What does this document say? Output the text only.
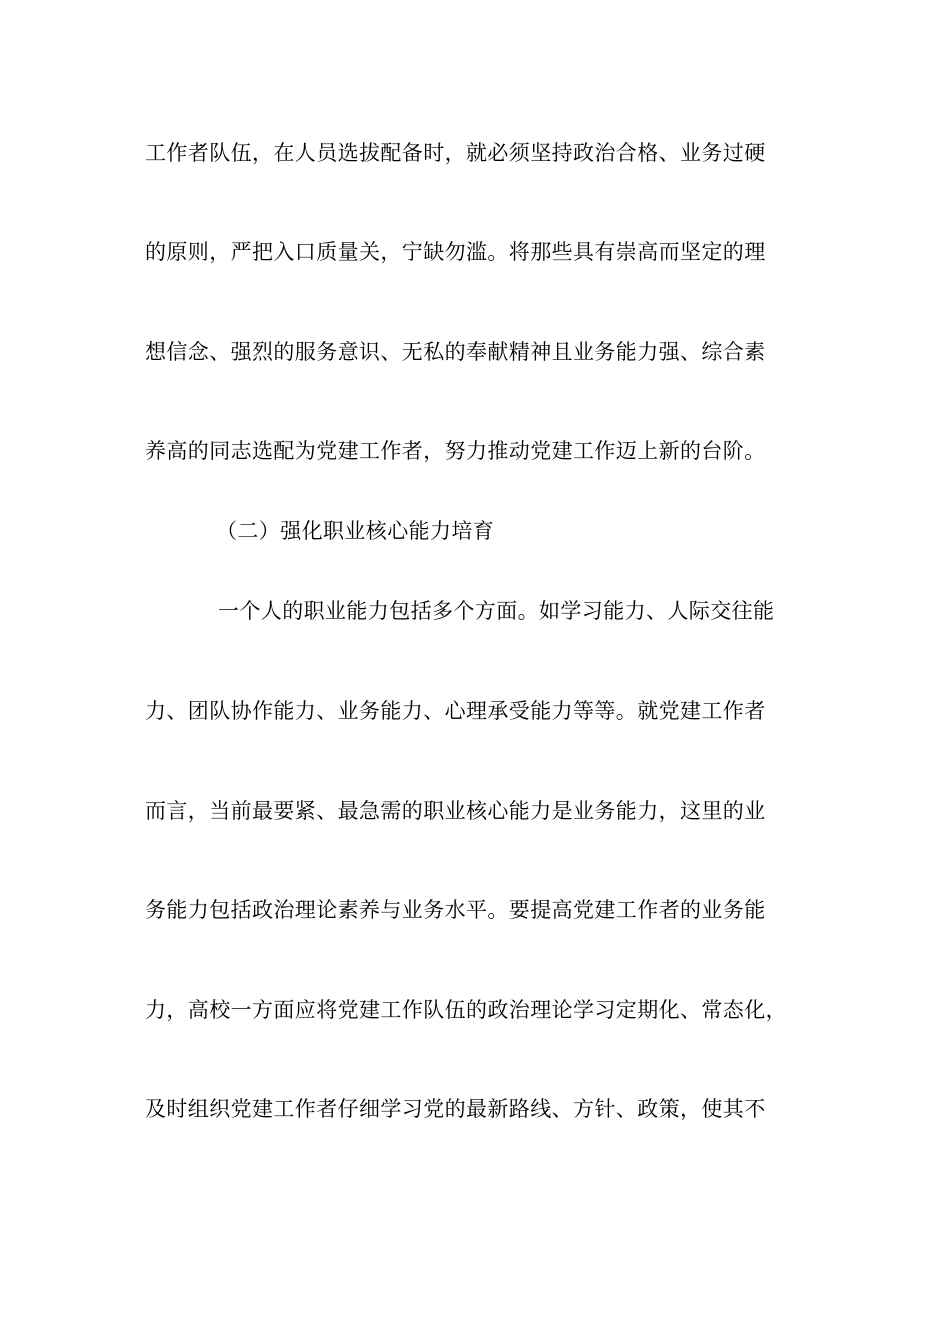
工作者队伍，在人员选拔配备时，就必须坚持政治合格、业务过硬
的原则，严把入口质量关，宁缺勿滥。将那些具有崇高而坚定的理
想信念、强烈的服务意识、无私的奉献精神且业务能力强、综合素
养高的同志选配为党建工作者，努力推动党建工作迈上新的台阶。
（二）强化职业核心能力培育
一个人的职业能力包括多个方面。如学习能力、人际交往能
力、团队协作能力、业务能力、心理承受能力等等。就党建工作者
而言，当前最要紧、最急需的职业核心能力是业务能力，这里的业
务能力包括政治理论素养与业务水平。要提高党建工作者的业务能
力，高校一方面应将党建工作队伍的政治理论学习定期化、常态化，
及时组织党建工作者仔细学习党的最新路线、方针、政策，使其不
